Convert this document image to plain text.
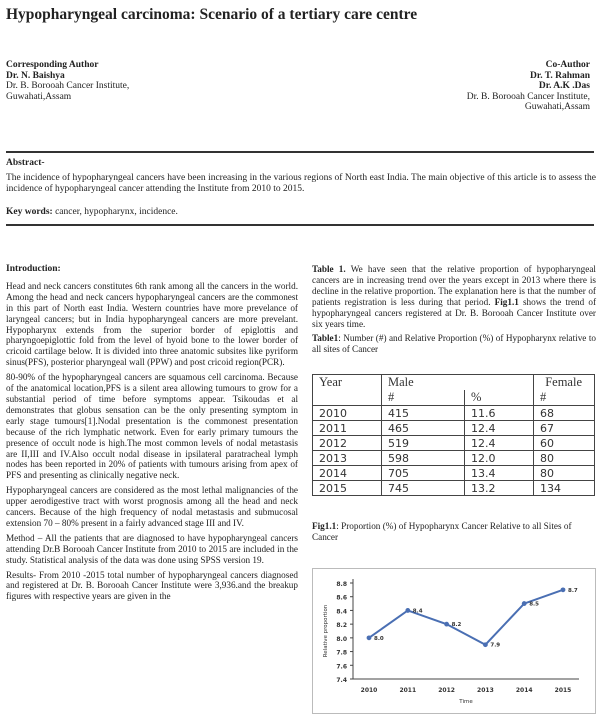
Hypopharyngeal carcinoma: Scenario of a tertiary care centre
Corresponding Author
Dr. N. Baishya
Dr. B. Borooah Cancer Institute,
Guwahati,Assam
Co-Author
Dr. T. Rahman
Dr. A.K .Das
Dr. B. Borooah Cancer Institute,
Guwahati,Assam
Abstract-

The incidence of hypopharyngeal cancers have been increasing in the various regions of North east India. The main objective of this article is to assess the incidence of hypopharyngeal cancer attending the Institute from 2010 to 2015.

Key words: cancer, hypopharynx, incidence.
Introduction:

Head and neck cancers constitutes 6th rank among all the cancers in the world. Among the head and neck cancers hypopharyngeal cancers are the commonest in this part of North east India. Western countries have more prevelance of laryngeal cancers; but in India hypopharyngeal cancers are more prevelant. Hypopharynx extends from the superior border of epiglottis and pharyngoepiglottic fold from the level of hyoid bone to the lower border of cricoid cartilage below. It is divided into three anatomic subsites like pyriform sinus(PFS), posterior pharyngeal wall (PPW) and post cricoid region(PCR).

80-90% of the hypopharyngeal cancers are squamous cell carcinoma. Because of the anatomical location,PFS is a silent area allowing tumours to grow for a substantial period of time before symptoms appear. Tsikoudas et al demonstrates that globus sensation can be the only presenting symptom in early stage tumours[1].Nodal presentation is the commonest presentation because of the rich lymphatic network. Even for early primary tumours the presence of occult node is high.The most common levels of nodal metastasis are II,III and IV.Also occult nodal disease in ipsilateral paratracheal lymph nodes has been reported in 20% of patients with tumours arising from apex of PFS and presenting as clinically negative neck.

Hypopharyngeal cancers are considered as the most lethal malignancies of the upper aerodigestive tract with worst prognosis among all the head and neck cancers. Because of the high frequency of nodal metastasis and submucosal extension 70 – 80% present in a fairly advanced stage III and IV.

Method – All the patients that are diagnosed to have hypopharyngeal cancers attending Dr.B Borooah Cancer Institute from 2010 to 2015 are included in the study. Statistical analysis of the data was done using SPSS version 19.

Results- From 2010 -2015 total number of hypopharyngeal cancers diagnosed and registered at Dr. B. Borooah Cancer Institute were 3,936.and the breakup figures with respective years are given in the

Table 1. We have seen that the relative proportion of hypopharyngeal cancers are in increasing trend over the years except in 2013 where there is decline in the relative proportion. The explanation here is that the number of patients registration is less during that period. Fig1.1 shows the trend of hypopharyngeal cancers registered at Dr. B. Borooah Cancer Institute over six years time.

Table1: Number (#) and Relative Proportion (%) of Hypopharynx relative to all sites of Cancer

Year	Male		Female
	#	%	#
2010	415	11.6	68
2011	465	12.4	67
2012	519	12.4	60
2013	598	12.0	80
2014	705	13.4	80
2015	745	13.2	134
Fig1.1: Proportion (%) of Hypopharynx Cancer Relative to all Sites of Cancer
7.4
7.6
7.8
8.0
8.2
8.4
8.6
8.8
2010	2011	2012	2013	2014	2015
8.0
8.4
8.2
7.9
8.5
8.7
Time
Relative proportion
